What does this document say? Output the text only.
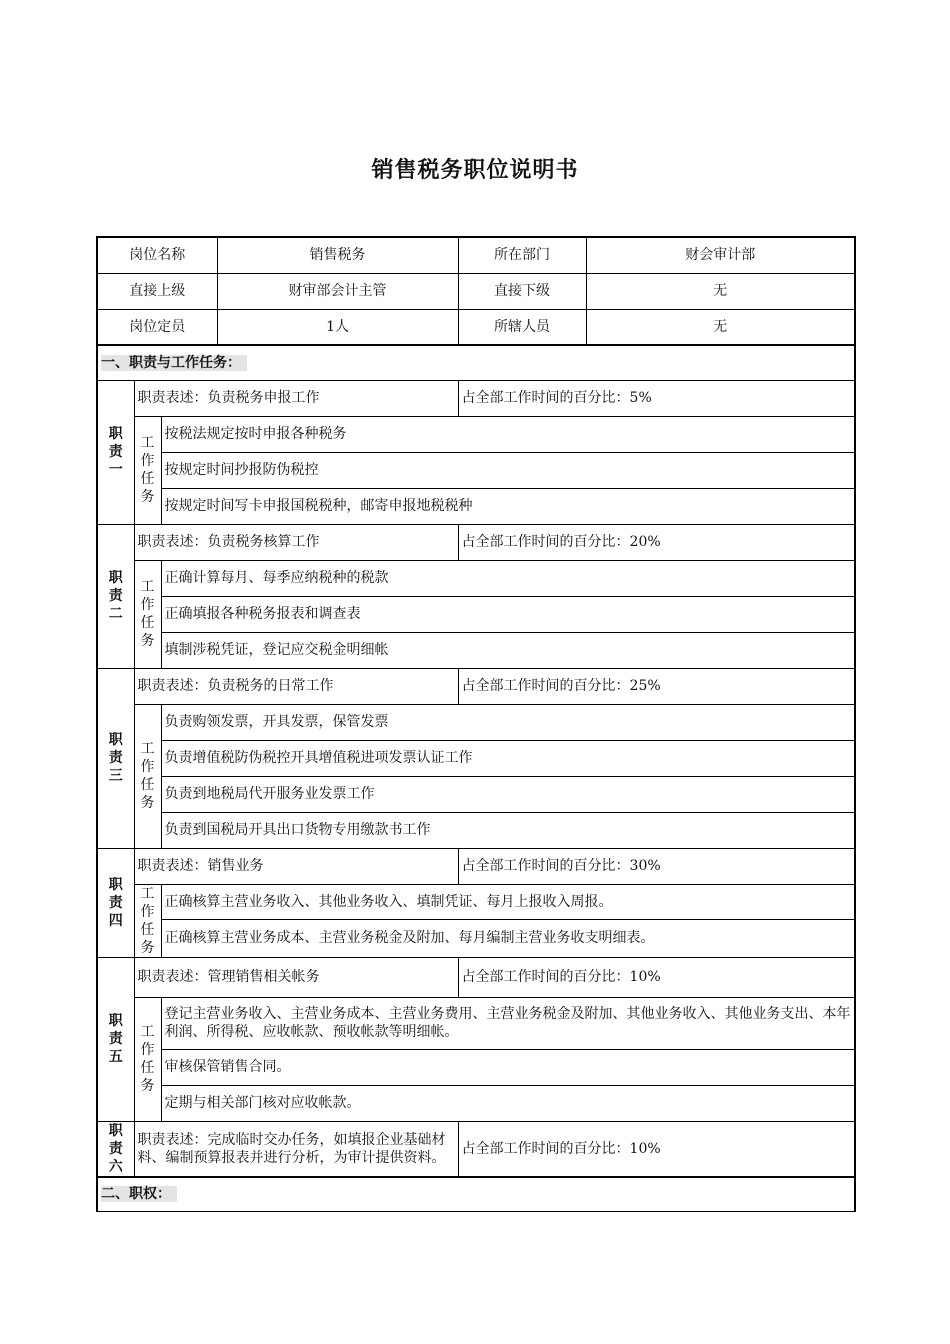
销售税务职位说明书
岗位名称			销售税务	所在部门	财会审计部
直接上级			财审部会计主管	直接下级	无
岗位定员			1人	所辖人员	无
一、职责与工作任务：					
职责一	职责表述：负责税务申报工作			占全部工作时间的百分比：5%	
	工作任务	按税法规定按时申报各种税务			
		按规定时间抄报防伪税控			
		按规定时间写卡申报国税税种，邮寄申报地税税种			
职责二	职责表述：负责税务核算工作			占全部工作时间的百分比：20%	
	工作任务	正确计算每月、每季应纳税种的税款			
		正确填报各种税务报表和调查表			
		填制涉税凭证，登记应交税金明细帐			
职责三	职责表述：负责税务的日常工作			占全部工作时间的百分比：25%	
	工作任务	负责购领发票，开具发票，保管发票			
		负责增值税防伪税控开具增值税进项发票认证工作			
		负责到地税局代开服务业发票工作			
		负责到国税局开具出口货物专用缴款书工作			
职责四	职责表述：销售业务			占全部工作时间的百分比：30%	
	工作任务	正确核算主营业务收入、其他业务收入、填制凭证、每月上报收入周报。			
		正确核算主营业务成本、主营业务税金及附加、每月编制主营业务收支明细表。			
职责五	职责表述：管理销售相关帐务			占全部工作时间的百分比：10%	
	工作任务	登记主营业务收入、主营业务成本、主营业务费用、主营业务税金及附加、其他业务收入、其他业务支出、本年利润、所得税、应收帐款、预收帐款等明细帐。			
		审核保管销售合同。			
		定期与相关部门核对应收帐款。			
职责六	职责表述：完成临时交办任务，如填报企业基础材料、编制预算报表并进行分析，为审计提供资料。			占全部工作时间的百分比：10%	
二、职权：					
